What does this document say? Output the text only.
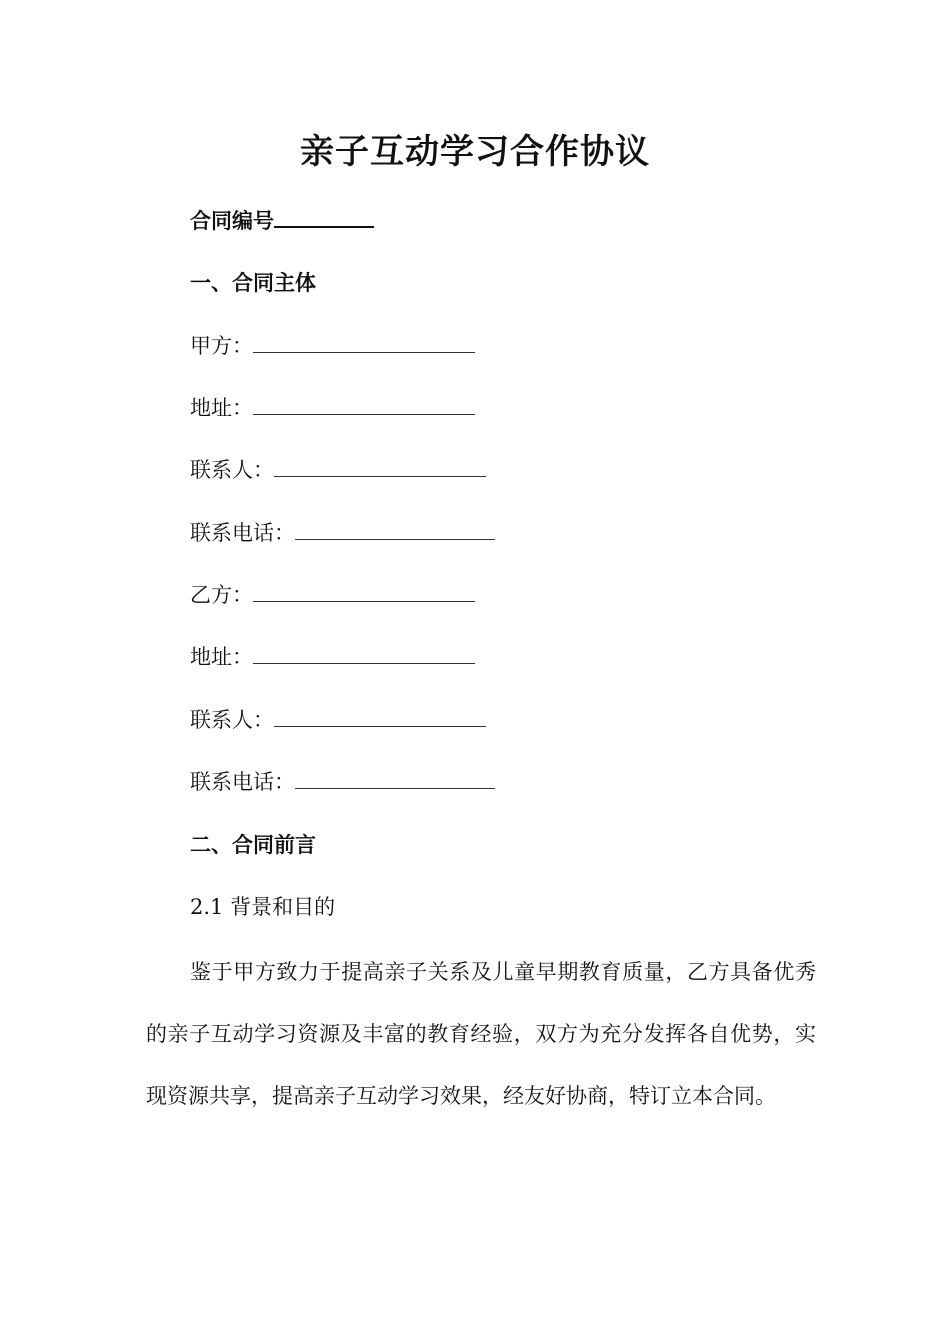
亲子互动学习合作协议
合同编号
一、合同主体
甲方：
地址：
联系人：
联系电话：
乙方：
地址：
联系人：
联系电话：
二、合同前言
2.1 背景和目的
鉴于甲方致力于提高亲子关系及儿童早期教育质量，乙方具备优秀的亲子互动学习资源及丰富的教育经验，双方为充分发挥各自优势，实现资源共享，提高亲子互动学习效果，经友好协商，特订立本合同。
